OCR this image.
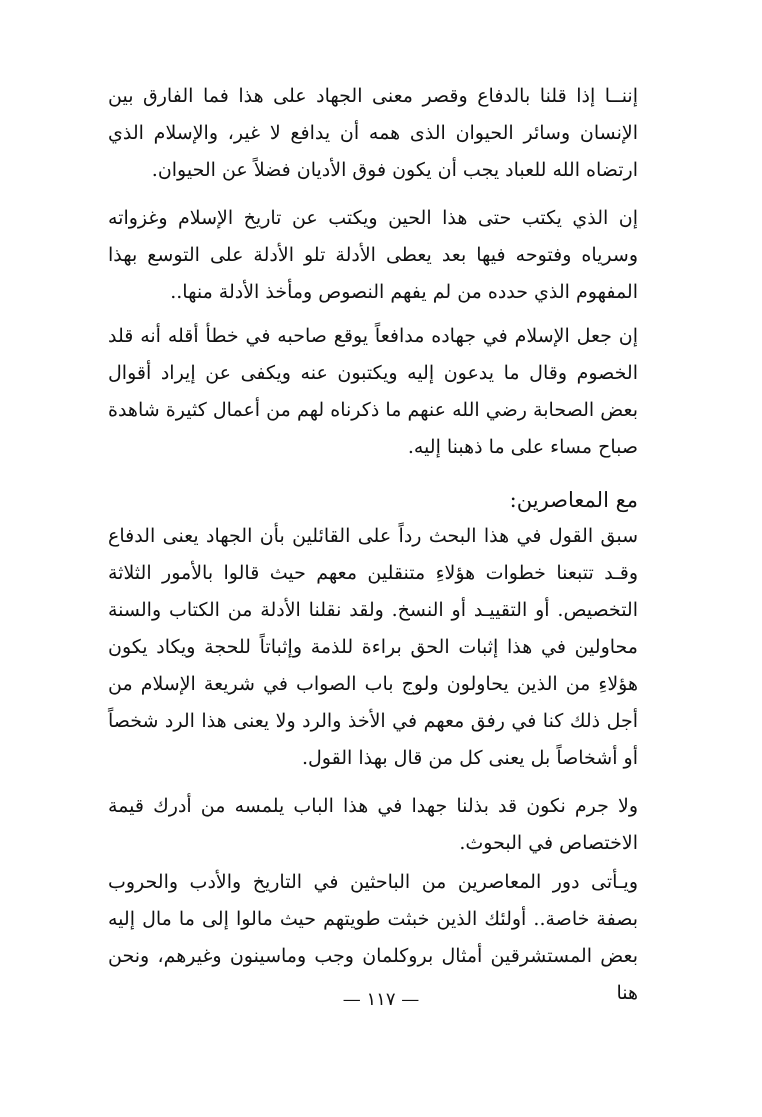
إننــا إذا قلنا بالدفاع وقصر معنى الجهاد على هذا فما الفارق بين الإنسان وسائر الحيوان الذى همه أن يدافع لا غير، والإسلام الذي ارتضاه الله للعباد يجب أن يكون فوق الأديان فضلاً عن الحيوان.

إن الذي يكتب حتى هذا الحين ويكتب عن تاريخ الإسلام وغزواته وسرياه وفتوحه فيها بعد يعطى الأدلة تلو الأدلة على التوسع بهذا المفهوم الذي حدده من لم يفهم النصوص ومأخذ الأدلة منها..

إن جعل الإسلام في جهاده مدافعاً يوقع صاحبه في خطأ أقله أنه قلد الخصوم وقال ما يدعون إليه ويكتبون عنه ويكفى عن إيراد أقوال بعض الصحابة رضي الله عنهم ما ذكرناه لهم من أعمال كثيرة شاهدة صباح مساء على ما ذهبنا إليه.

مع المعاصرين:

سبق القول في هذا البحث رداً على القائلين بأن الجهاد يعنى الدفاع وقـد تتبعنا خطوات هؤلاءِ متنقلين معهم حيث قالوا بالأمور الثلاثة التخصيص. أو التقييـد أو النسخ. ولقد نقلنا الأدلة من الكتاب والسنة محاولين في هذا إثبات الحق براءة للذمة وإثباتاً للحجة ويكاد يكون هؤلاءِ من الذين يحاولون ولوج باب الصواب في شريعة الإسلام من أجل ذلك كنا في رفق معهم في الأخذ والرد ولا يعنى هذا الرد شخصاً أو أشخاصاً بل يعنى كل من قال بهذا القول.

ولا جرم نكون قد بذلنا جهدا في هذا الباب يلمسه من أدرك قيمة الاختصاص في البحوث.

ويـأتى دور المعاصرين من الباحثين في التاريخ والأدب والحروب بصفة خاصة.. أولئك الذين خبثت طويتهم حيث مالوا إلى ما مال إليه بعض المستشرقين أمثال بروكلمان وجب وماسينون وغيرهم، ونحن هنا

— ١١٧ —
